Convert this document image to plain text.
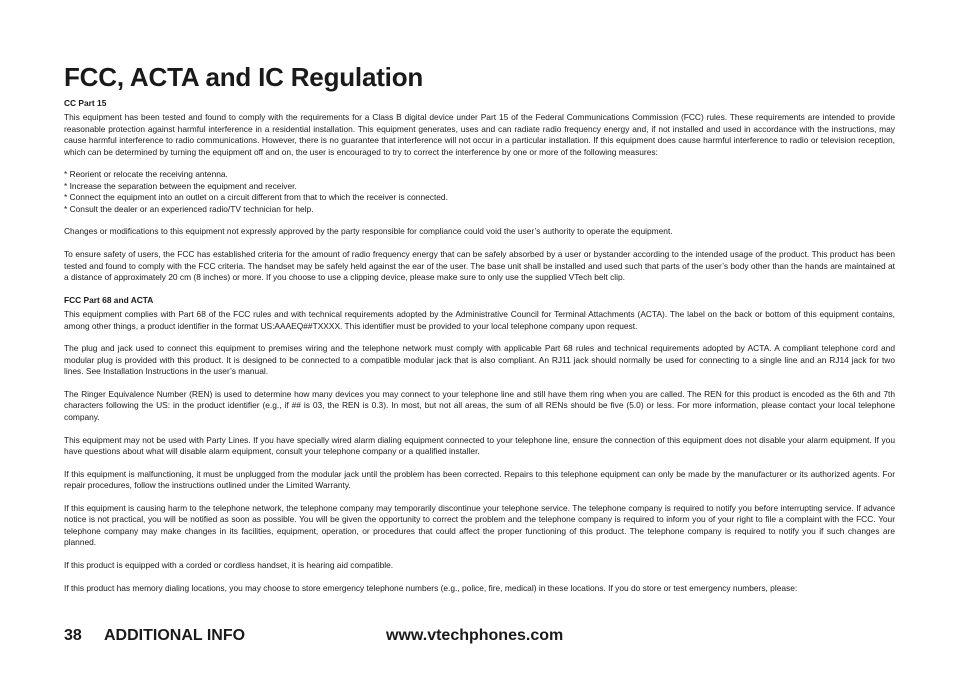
FCC, ACTA and IC Regulation
CC Part 15

This equipment has been tested and found to comply with the requirements for a Class B digital device under Part 15 of the Federal Communications Commission (FCC) rules. These requirements are intended to provide reasonable protection against harmful interference in a residential installation. This equipment generates, uses and can radiate radio frequency energy and, if not installed and used in accordance with the instructions, may cause harmful interference to radio communications. However, there is no guarantee that interference will not occur in a particular installation. If this equipment does cause harmful interference to radio or television reception, which can be determined by turning the equipment off and on, the user is encouraged to try to correct the interference by one or more of the following measures:

* Reorient or relocate the receiving antenna.
* Increase the separation between the equipment and receiver.
* Connect the equipment into an outlet on a circuit different from that to which the receiver is connected.
* Consult the dealer or an experienced radio/TV technician for help.

Changes or modifications to this equipment not expressly approved by the party responsible for compliance could void the user’s authority to operate the equipment.

To ensure safety of users, the FCC has established criteria for the amount of radio frequency energy that can be safely absorbed by a user or bystander according to the intended usage of the product. This product has been tested and found to comply with the FCC criteria. The handset may be safely held against the ear of the user. The base unit shall be installed and used such that parts of the user’s body other than the hands are maintained at a distance of approximately 20 cm (8 inches) or more. If you choose to use a clipping device, please make sure to only use the supplied VTech belt clip.

FCC Part 68 and ACTA

This equipment complies with Part 68 of the FCC rules and with technical requirements adopted by the Administrative Council for Terminal Attachments (ACTA). The label on the back or bottom of this equipment contains, among other things, a product identifier in the format US:AAAEQ##TXXXX. This identifier must be provided to your local telephone company upon request.

The plug and jack used to connect this equipment to premises wiring and the telephone network must comply with applicable Part 68 rules and technical requirements adopted by ACTA. A compliant telephone cord and modular plug is provided with this product. It is designed to be connected to a compatible modular jack that is also compliant. An RJ11 jack should normally be used for connecting to a single line and an RJ14 jack for two lines. See Installation Instructions in the user’s manual.

The Ringer Equivalence Number (REN) is used to determine how many devices you may connect to your telephone line and still have them ring when you are called. The REN for this product is encoded as the 6th and 7th characters following the US: in the product identifier (e.g., if ## is 03, the REN is 0.3). In most, but not all areas, the sum of all RENs should be five (5.0) or less. For more information, please contact your local telephone company.

This equipment may not be used with Party Lines. If you have specially wired alarm dialing equipment connected to your telephone line, ensure the connection of this equipment does not disable your alarm equipment. If you have questions about what will disable alarm equipment, consult your telephone company or a qualified installer.

If this equipment is malfunctioning, it must be unplugged from the modular jack until the problem has been corrected. Repairs to this telephone equipment can only be made by the manufacturer or its authorized agents. For repair procedures, follow the instructions outlined under the Limited Warranty.

If this equipment is causing harm to the telephone network, the telephone company may temporarily discontinue your telephone service. The telephone company is required to notify you before interrupting service. If advance notice is not practical, you will be notified as soon as possible. You will be given the opportunity to correct the problem and the telephone company is required to inform you of your right to file a complaint with the FCC. Your telephone company may make changes in its facilities, equipment, operation, or procedures that could affect the proper functioning of this product. The telephone company is required to notify you if such changes are planned.

If this product is equipped with a corded or cordless handset, it is hearing aid compatible.

If this product has memory dialing locations, you may choose to store emergency telephone numbers (e.g., police, fire, medical) in these locations. If you do store or test emergency numbers, please:

38 ADDITIONAL INFO	www.vtechphones.com
